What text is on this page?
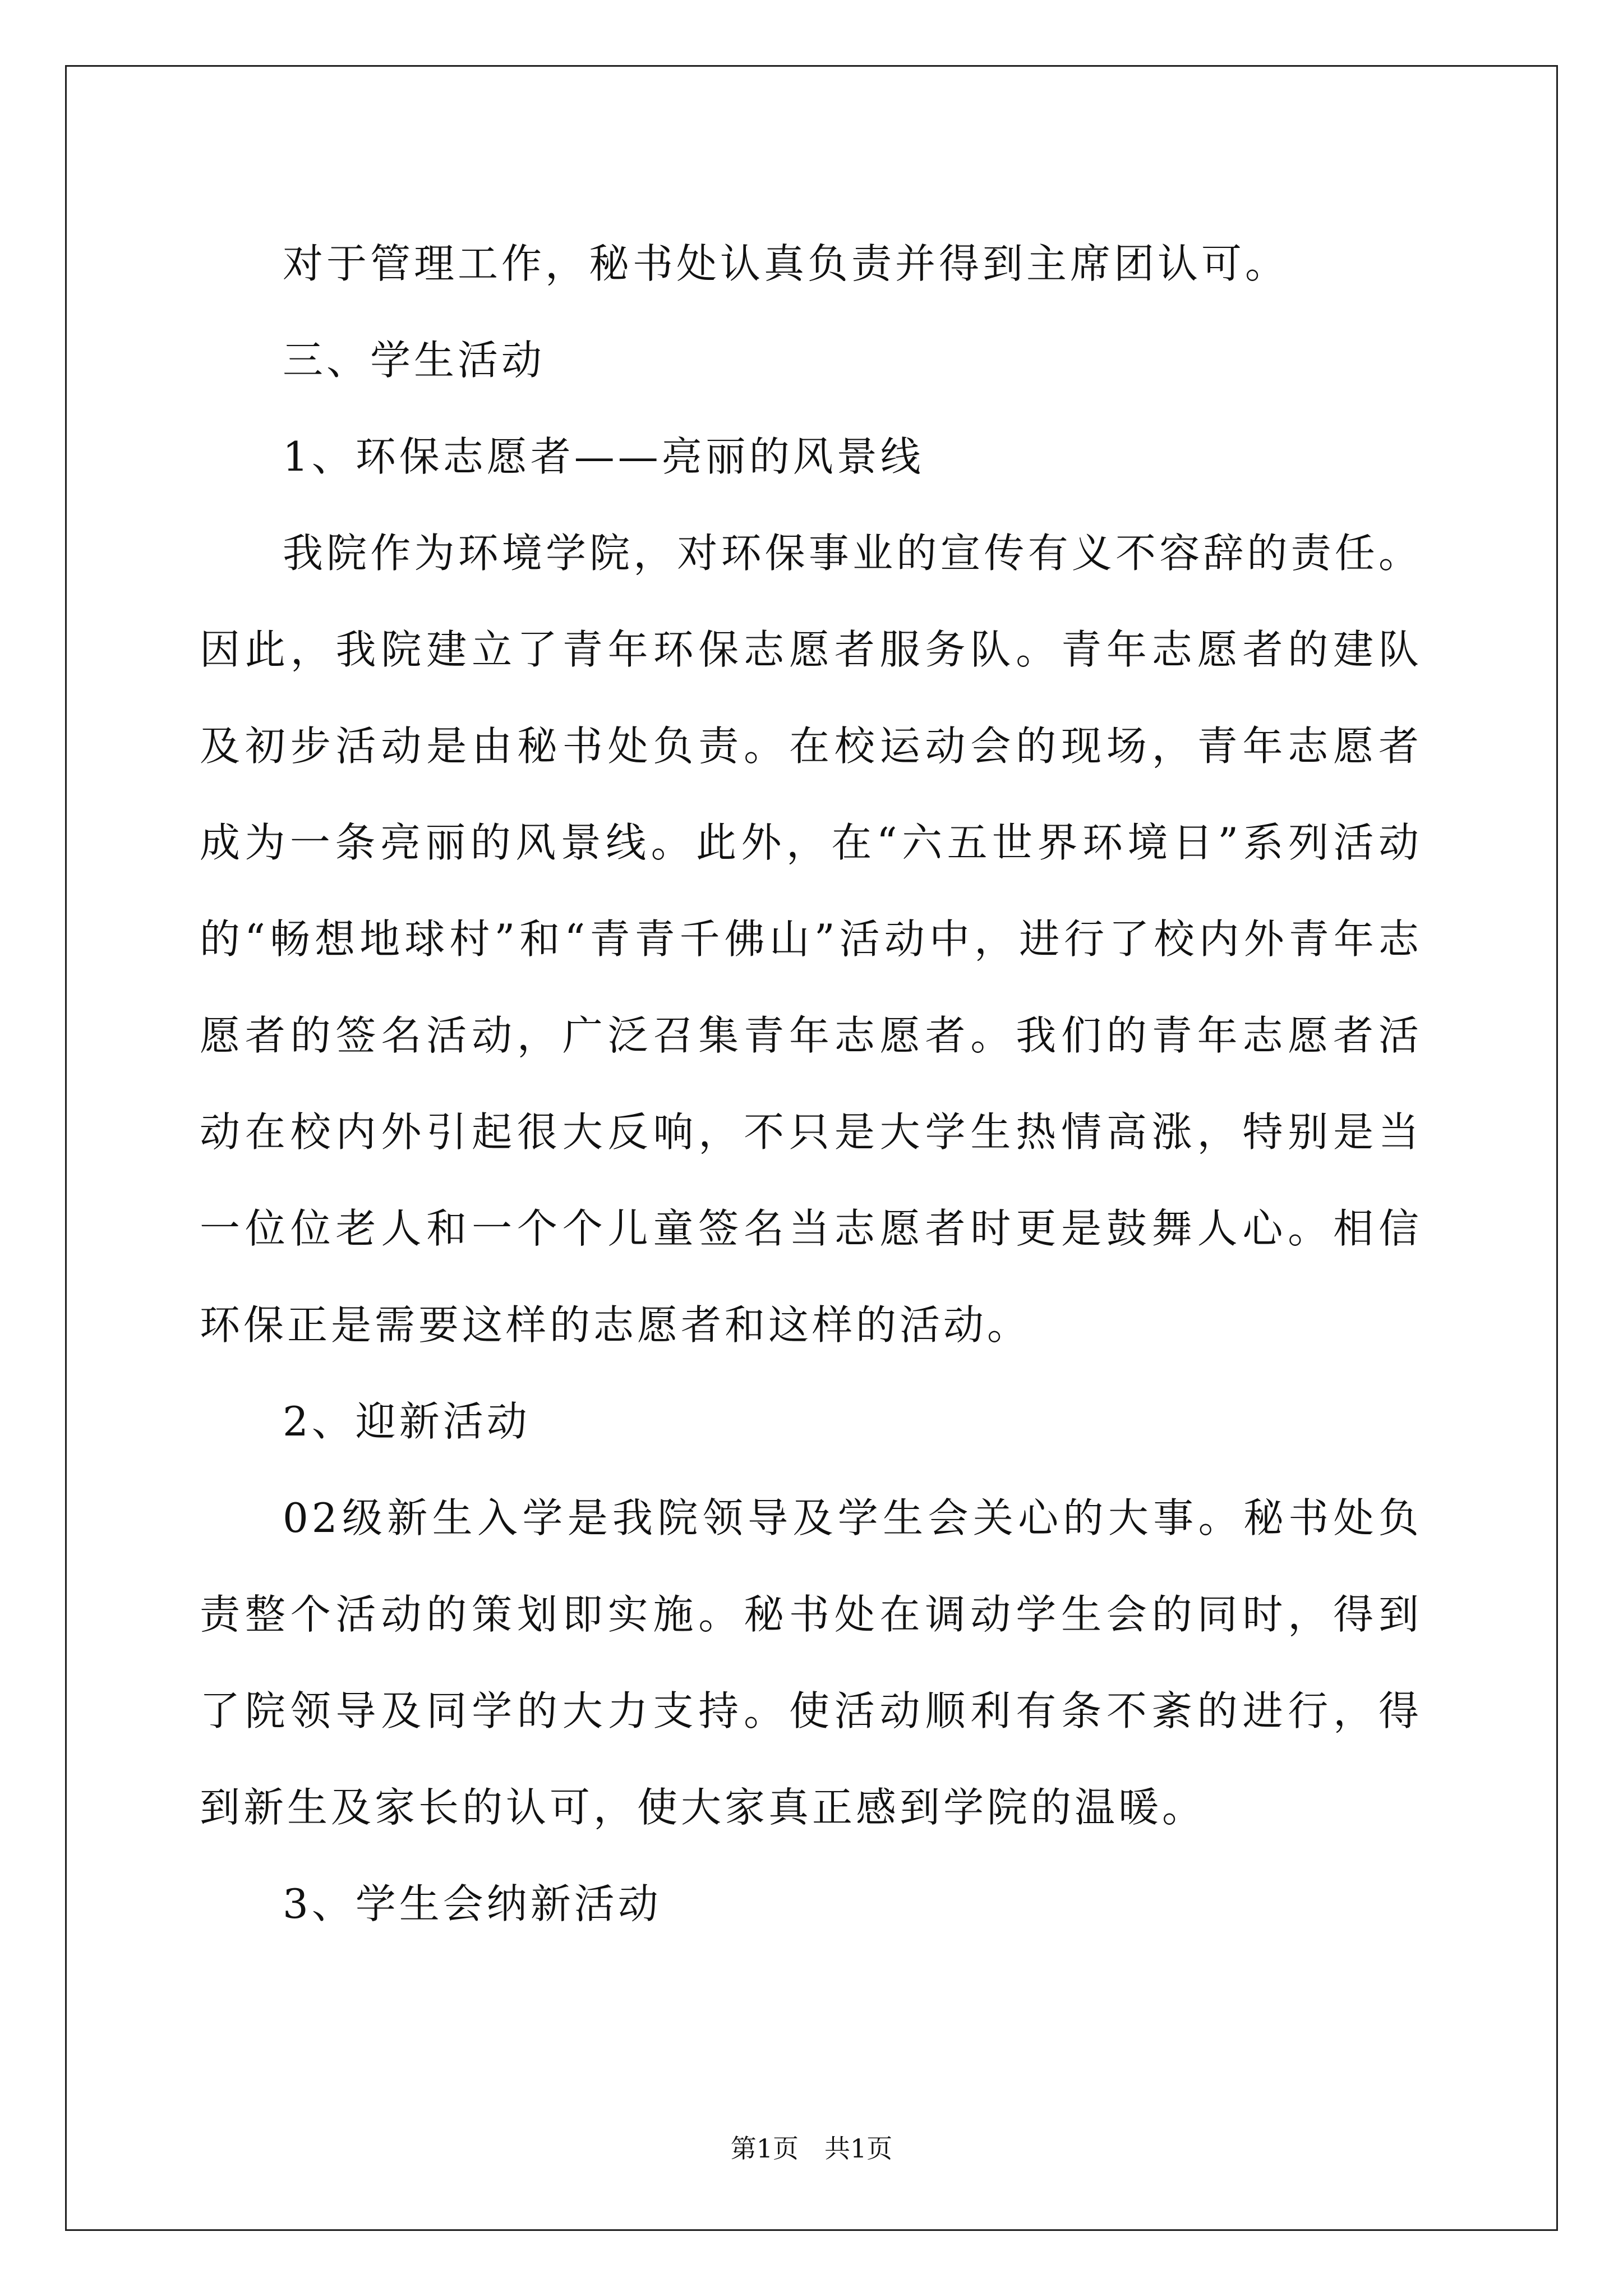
对于管理工作，秘书处认真负责并得到主席团认可。

三、学生活动

1、环保志愿者——亮丽的风景线

我院作为环境学院，对环保事业的宣传有义不容辞的责任。因此，我院建立了青年环保志愿者服务队。青年志愿者的建队及初步活动是由秘书处负责。在校运动会的现场，青年志愿者成为一条亮丽的风景线。此外，在“六五世界环境日”系列活动的“畅想地球村”和“青青千佛山”活动中，进行了校内外青年志愿者的签名活动，广泛召集青年志愿者。我们的青年志愿者活动在校内外引起很大反响，不只是大学生热情高涨，特别是当一位位老人和一个个儿童签名当志愿者时更是鼓舞人心。相信环保正是需要这样的志愿者和这样的活动。

2、迎新活动

02级新生入学是我院领导及学生会关心的大事。秘书处负责整个活动的策划即实施。秘书处在调动学生会的同时，得到了院领导及同学的大力支持。使活动顺利有条不紊的进行，得到新生及家长的认可，使大家真正感到学院的温暖。

3、学生会纳新活动

第1页 共1页
